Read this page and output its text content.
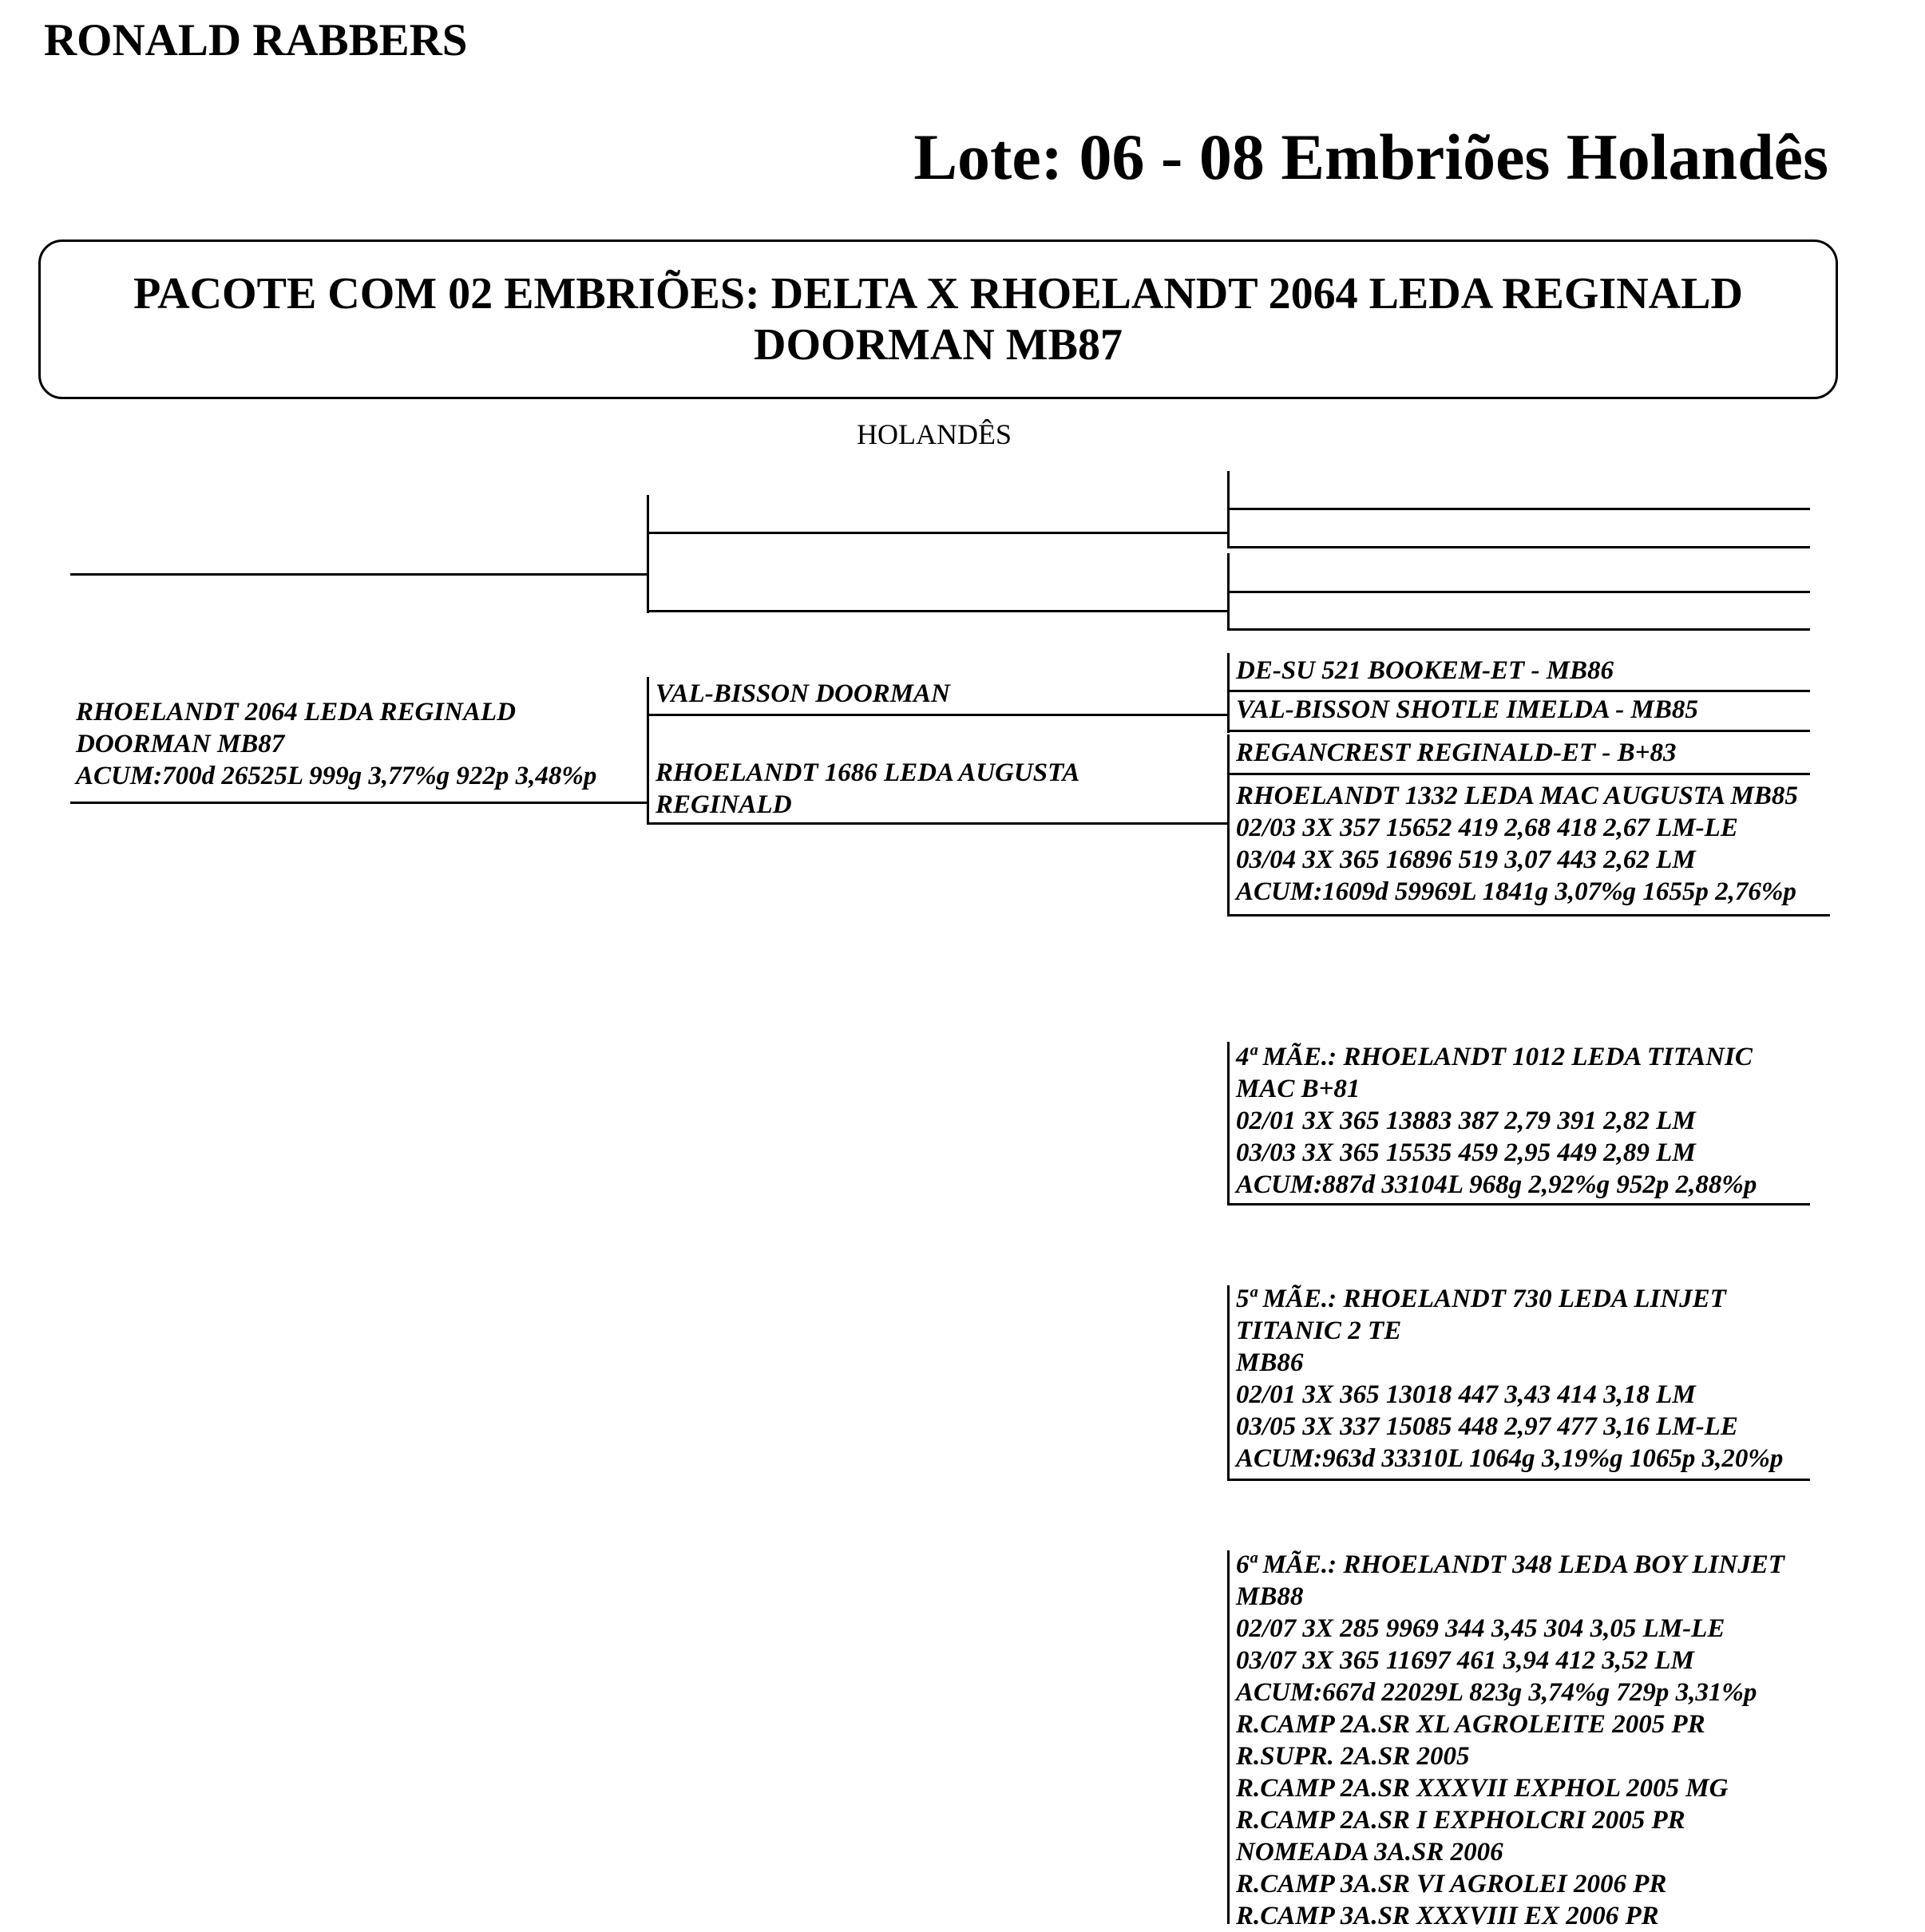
RONALD RABBERS
Lote: 06 - 08 Embriões Holandês
PACOTE COM 02 EMBRIÕES: DELTA X RHOELANDT 2064 LEDA REGINALD DOORMAN MB87
HOLANDÊS
RHOELANDT 2064 LEDA REGINALD
DOORMAN MB87
ACUM:700d 26525L 999g 3,77%g 922p 3,48%p
VAL-BISSON DOORMAN
RHOELANDT 1686 LEDA AUGUSTA
REGINALD
DE-SU 521 BOOKEM-ET - MB86
VAL-BISSON SHOTLE IMELDA - MB85
REGANCREST REGINALD-ET - B+83
RHOELANDT 1332 LEDA MAC AUGUSTA MB85
02/03 3X 357 15652 419 2,68 418 2,67 LM-LE
03/04 3X 365 16896 519 3,07 443 2,62 LM
ACUM:1609d 59969L 1841g 3,07%g 1655p 2,76%p
4ª MÃE.: RHOELANDT 1012 LEDA TITANIC
MAC B+81
02/01 3X 365 13883 387 2,79 391 2,82 LM
03/03 3X 365 15535 459 2,95 449 2,89 LM
ACUM:887d 33104L 968g 2,92%g 952p 2,88%p
5ª MÃE.: RHOELANDT 730 LEDA LINJET
TITANIC 2 TE
MB86
02/01 3X 365 13018 447 3,43 414 3,18 LM
03/05 3X 337 15085 448 2,97 477 3,16 LM-LE
ACUM:963d 33310L 1064g 3,19%g 1065p 3,20%p
6ª MÃE.: RHOELANDT 348 LEDA BOY LINJET
MB88
02/07 3X 285 9969 344 3,45 304 3,05 LM-LE
03/07 3X 365 11697 461 3,94 412 3,52 LM
ACUM:667d 22029L 823g 3,74%g 729p 3,31%p
R.CAMP 2A.SR XL AGROLEITE 2005 PR
R.SUPR. 2A.SR 2005
R.CAMP 2A.SR XXXVII EXPHOL 2005 MG
R.CAMP 2A.SR I EXPHOLCRI 2005 PR
NOMEADA 3A.SR 2006
R.CAMP 3A.SR VI AGROLEI 2006 PR
R.CAMP 3A.SR XXXVIII EX 2006 PR
